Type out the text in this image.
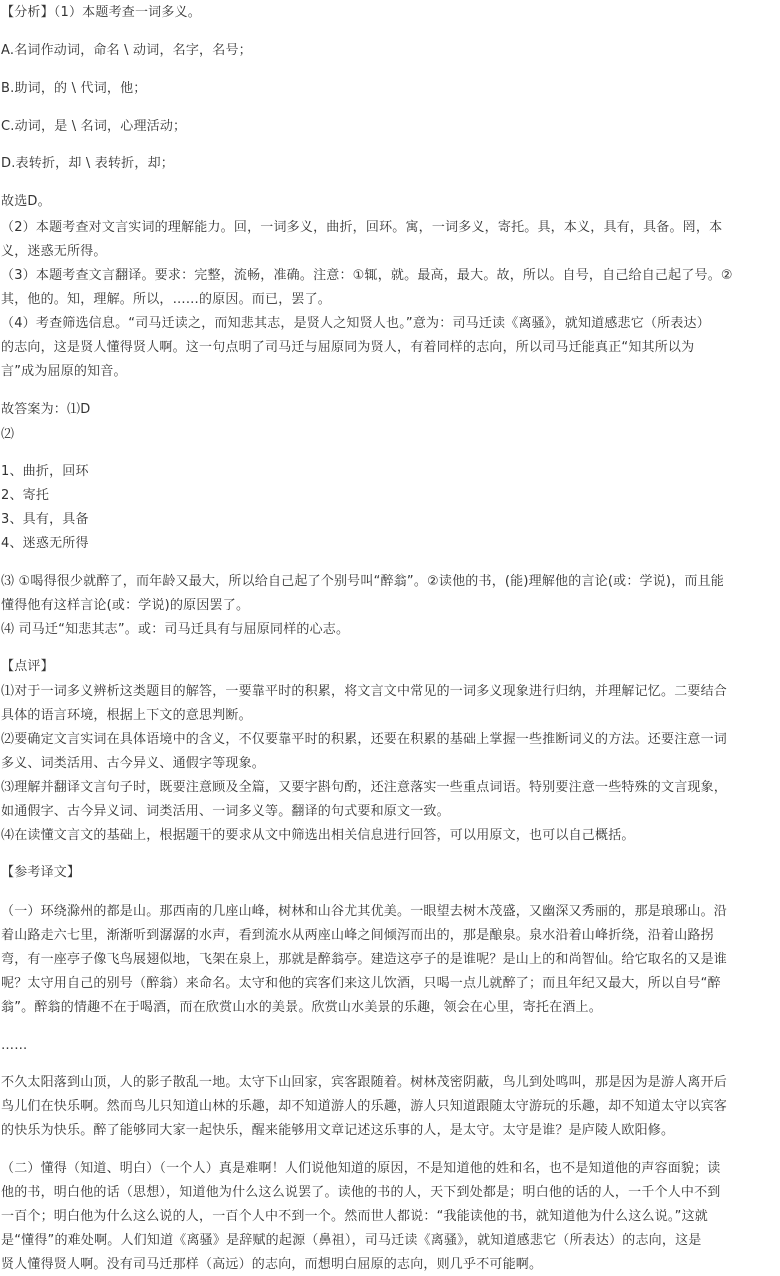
【分析】（1）本题考查一词多义。
A.名词作动词，命名 \ 动词，名字，名号；
B.助词，的 \ 代词，他；
C.动词，是 \ 名词，心理活动；
D.表转折，却 \ 表转折，却；
故选D。
（2）本题考查对文言实词的理解能力。回，一词多义，曲折，回环。寓，一词多义，寄托。具，本义，具有，具备。罔，本
义，迷惑无所得。
（3）本题考查文言翻译。要求：完整，流畅，准确。注意：①辄，就。最高，最大。故，所以。自号，自己给自己起了号。②
其，他的。知，理解。所以，……的原因。而已，罢了。
（4）考查筛选信息。“司马迁读之，而知悲其志，是贤人之知贤人也。”意为：司马迁读《离骚》，就知道感悲它（所表达）
的志向，这是贤人懂得贤人啊。这一句点明了司马迁与屈原同为贤人，有着同样的志向，所以司马迁能真正“知其所以为
言”成为屈原的知音。
故答案为：⑴D
⑵
1、曲折，回环
2、寄托
3、具有，具备
4、迷惑无所得
⑶ ①喝得很少就醉了，而年龄又最大，所以给自己起了个别号叫“醉翁”。②读他的书，(能)理解他的言论(或：学说)，而且能
懂得他有这样言论(或：学说)的原因罢了。
⑷ 司马迁“知悲其志”。或：司马迁具有与屈原同样的心志。
【点评】
⑴对于一词多义辨析这类题目的解答，一要靠平时的积累，将文言文中常见的一词多义现象进行归纳，并理解记忆。二要结合
具体的语言环境，根据上下文的意思判断。
⑵要确定文言实词在具体语境中的含义，不仅要靠平时的积累，还要在积累的基础上掌握一些推断词义的方法。还要注意一词
多义、词类活用、古今异义、通假字等现象。
⑶理解并翻译文言句子时，既要注意顾及全篇，又要字斟句酌，还注意落实一些重点词语。特别要注意一些特殊的文言现象，
如通假字、古今异义词、词类活用、一词多义等。翻译的句式要和原文一致。
⑷在读懂文言文的基础上，根据题干的要求从文中筛选出相关信息进行回答，可以用原文，也可以自己概括。
【参考译文】
（一）环绕滁州的都是山。那西南的几座山峰，树林和山谷尤其优美。一眼望去树木茂盛，又幽深又秀丽的，那是琅琊山。沿
着山路走六七里，渐渐听到潺潺的水声，看到流水从两座山峰之间倾泻而出的，那是酿泉。泉水沿着山峰折绕，沿着山路拐
弯，有一座亭子像飞鸟展翅似地，飞架在泉上，那就是醉翁亭。建造这亭子的是谁呢？是山上的和尚智仙。给它取名的又是谁
呢？太守用自己的别号（醉翁）来命名。太守和他的宾客们来这儿饮酒，只喝一点儿就醉了；而且年纪又最大，所以自号“醉
翁”。醉翁的情趣不在于喝酒，而在欣赏山水的美景。欣赏山水美景的乐趣，领会在心里，寄托在酒上。
……
不久太阳落到山顶，人的影子散乱一地。太守下山回家，宾客跟随着。树林茂密阴蔽，鸟儿到处鸣叫，那是因为是游人离开后
鸟儿们在快乐啊。然而鸟儿只知道山林的乐趣，却不知道游人的乐趣，游人只知道跟随太守游玩的乐趣，却不知道太守以宾客
的快乐为快乐。醉了能够同大家一起快乐，醒来能够用文章记述这乐事的人，是太守。太守是谁？是庐陵人欧阳修。
（二）懂得（知道、明白）（一个人）真是难啊！人们说他知道的原因，不是知道他的姓和名，也不是知道他的声容面貌；读
他的书，明白他的话（思想），知道他为什么这么说罢了。读他的书的人，天下到处都是；明白他的话的人，一千个人中不到
一百个；明白他为什么这么说的人，一百个人中不到一个。然而世人都说：“我能读他的书，就知道他为什么这么说。”这就
是“懂得”的难处啊。人们知道《离骚》是辞赋的起源（鼻祖），司马迁读《离骚》，就知道感悲它（所表达）的志向，这是
贤人懂得贤人啊。没有司马迁那样（高远）的志向，而想明白屈原的志向，则几乎不可能啊。
